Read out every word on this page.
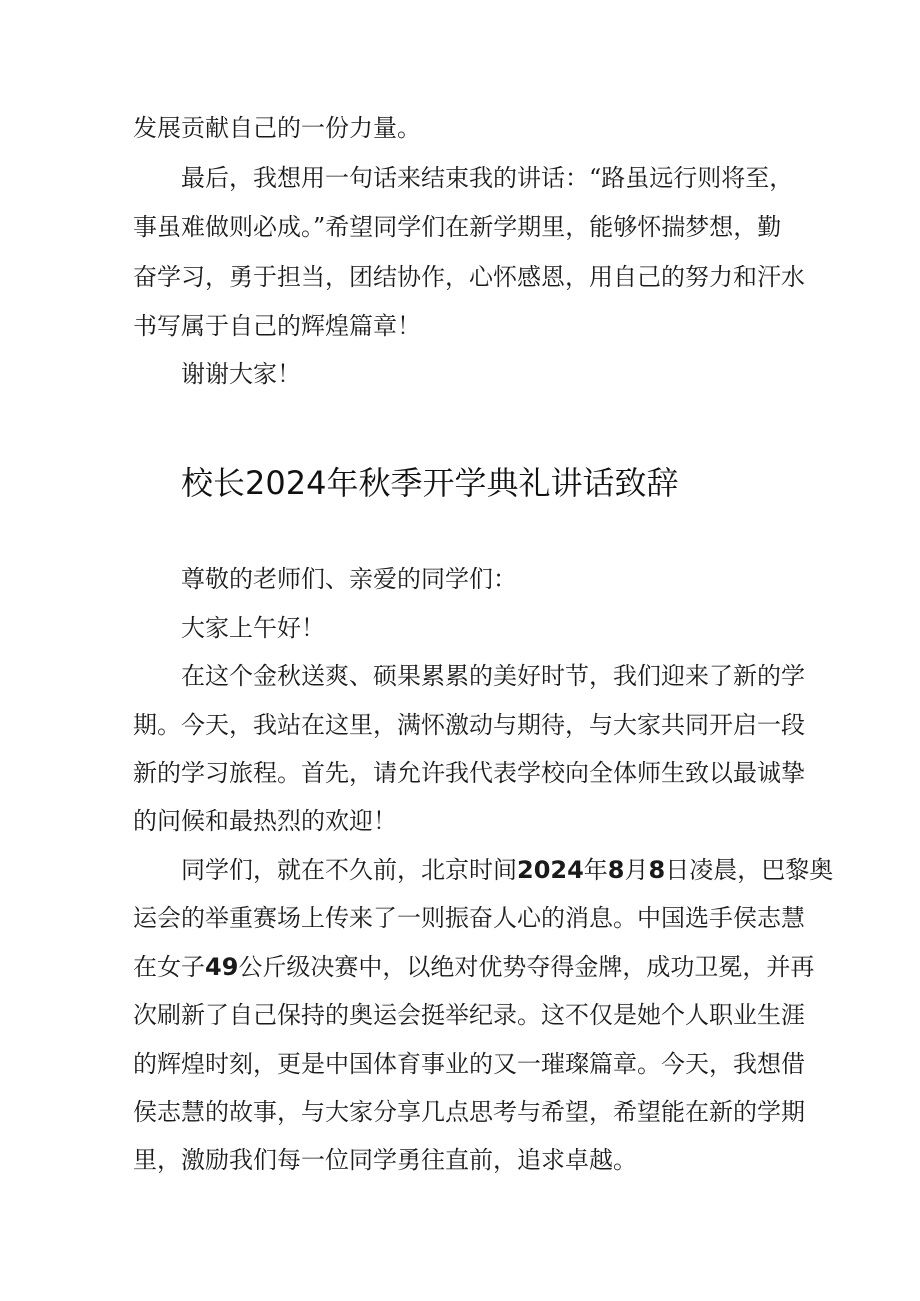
发展贡献自己的一份力量。
最后，我想用一句话来结束我的讲话：“路虽远行则将至，
事虽难做则必成。”希望同学们在新学期里，能够怀揣梦想，勤
奋学习，勇于担当，团结协作，心怀感恩，用自己的努力和汗水
书写属于自己的辉煌篇章！
谢谢大家！
校长2024年秋季开学典礼讲话致辞
尊敬的老师们、亲爱的同学们：
大家上午好！
在这个金秋送爽、硕果累累的美好时节，我们迎来了新的学
期。今天，我站在这里，满怀激动与期待，与大家共同开启一段
新的学习旅程。首先，请允许我代表学校向全体师生致以最诚挚
的问候和最热烈的欢迎！
同学们，就在不久前，北京时间2024年8月8日凌晨，巴黎奥
运会的举重赛场上传来了一则振奋人心的消息。中国选手侯志慧
在女子49公斤级决赛中，以绝对优势夺得金牌，成功卫冕，并再
次刷新了自己保持的奥运会挺举纪录。这不仅是她个人职业生涯
的辉煌时刻，更是中国体育事业的又一璀璨篇章。今天，我想借
侯志慧的故事，与大家分享几点思考与希望，希望能在新的学期
里，激励我们每一位同学勇往直前，追求卓越。
